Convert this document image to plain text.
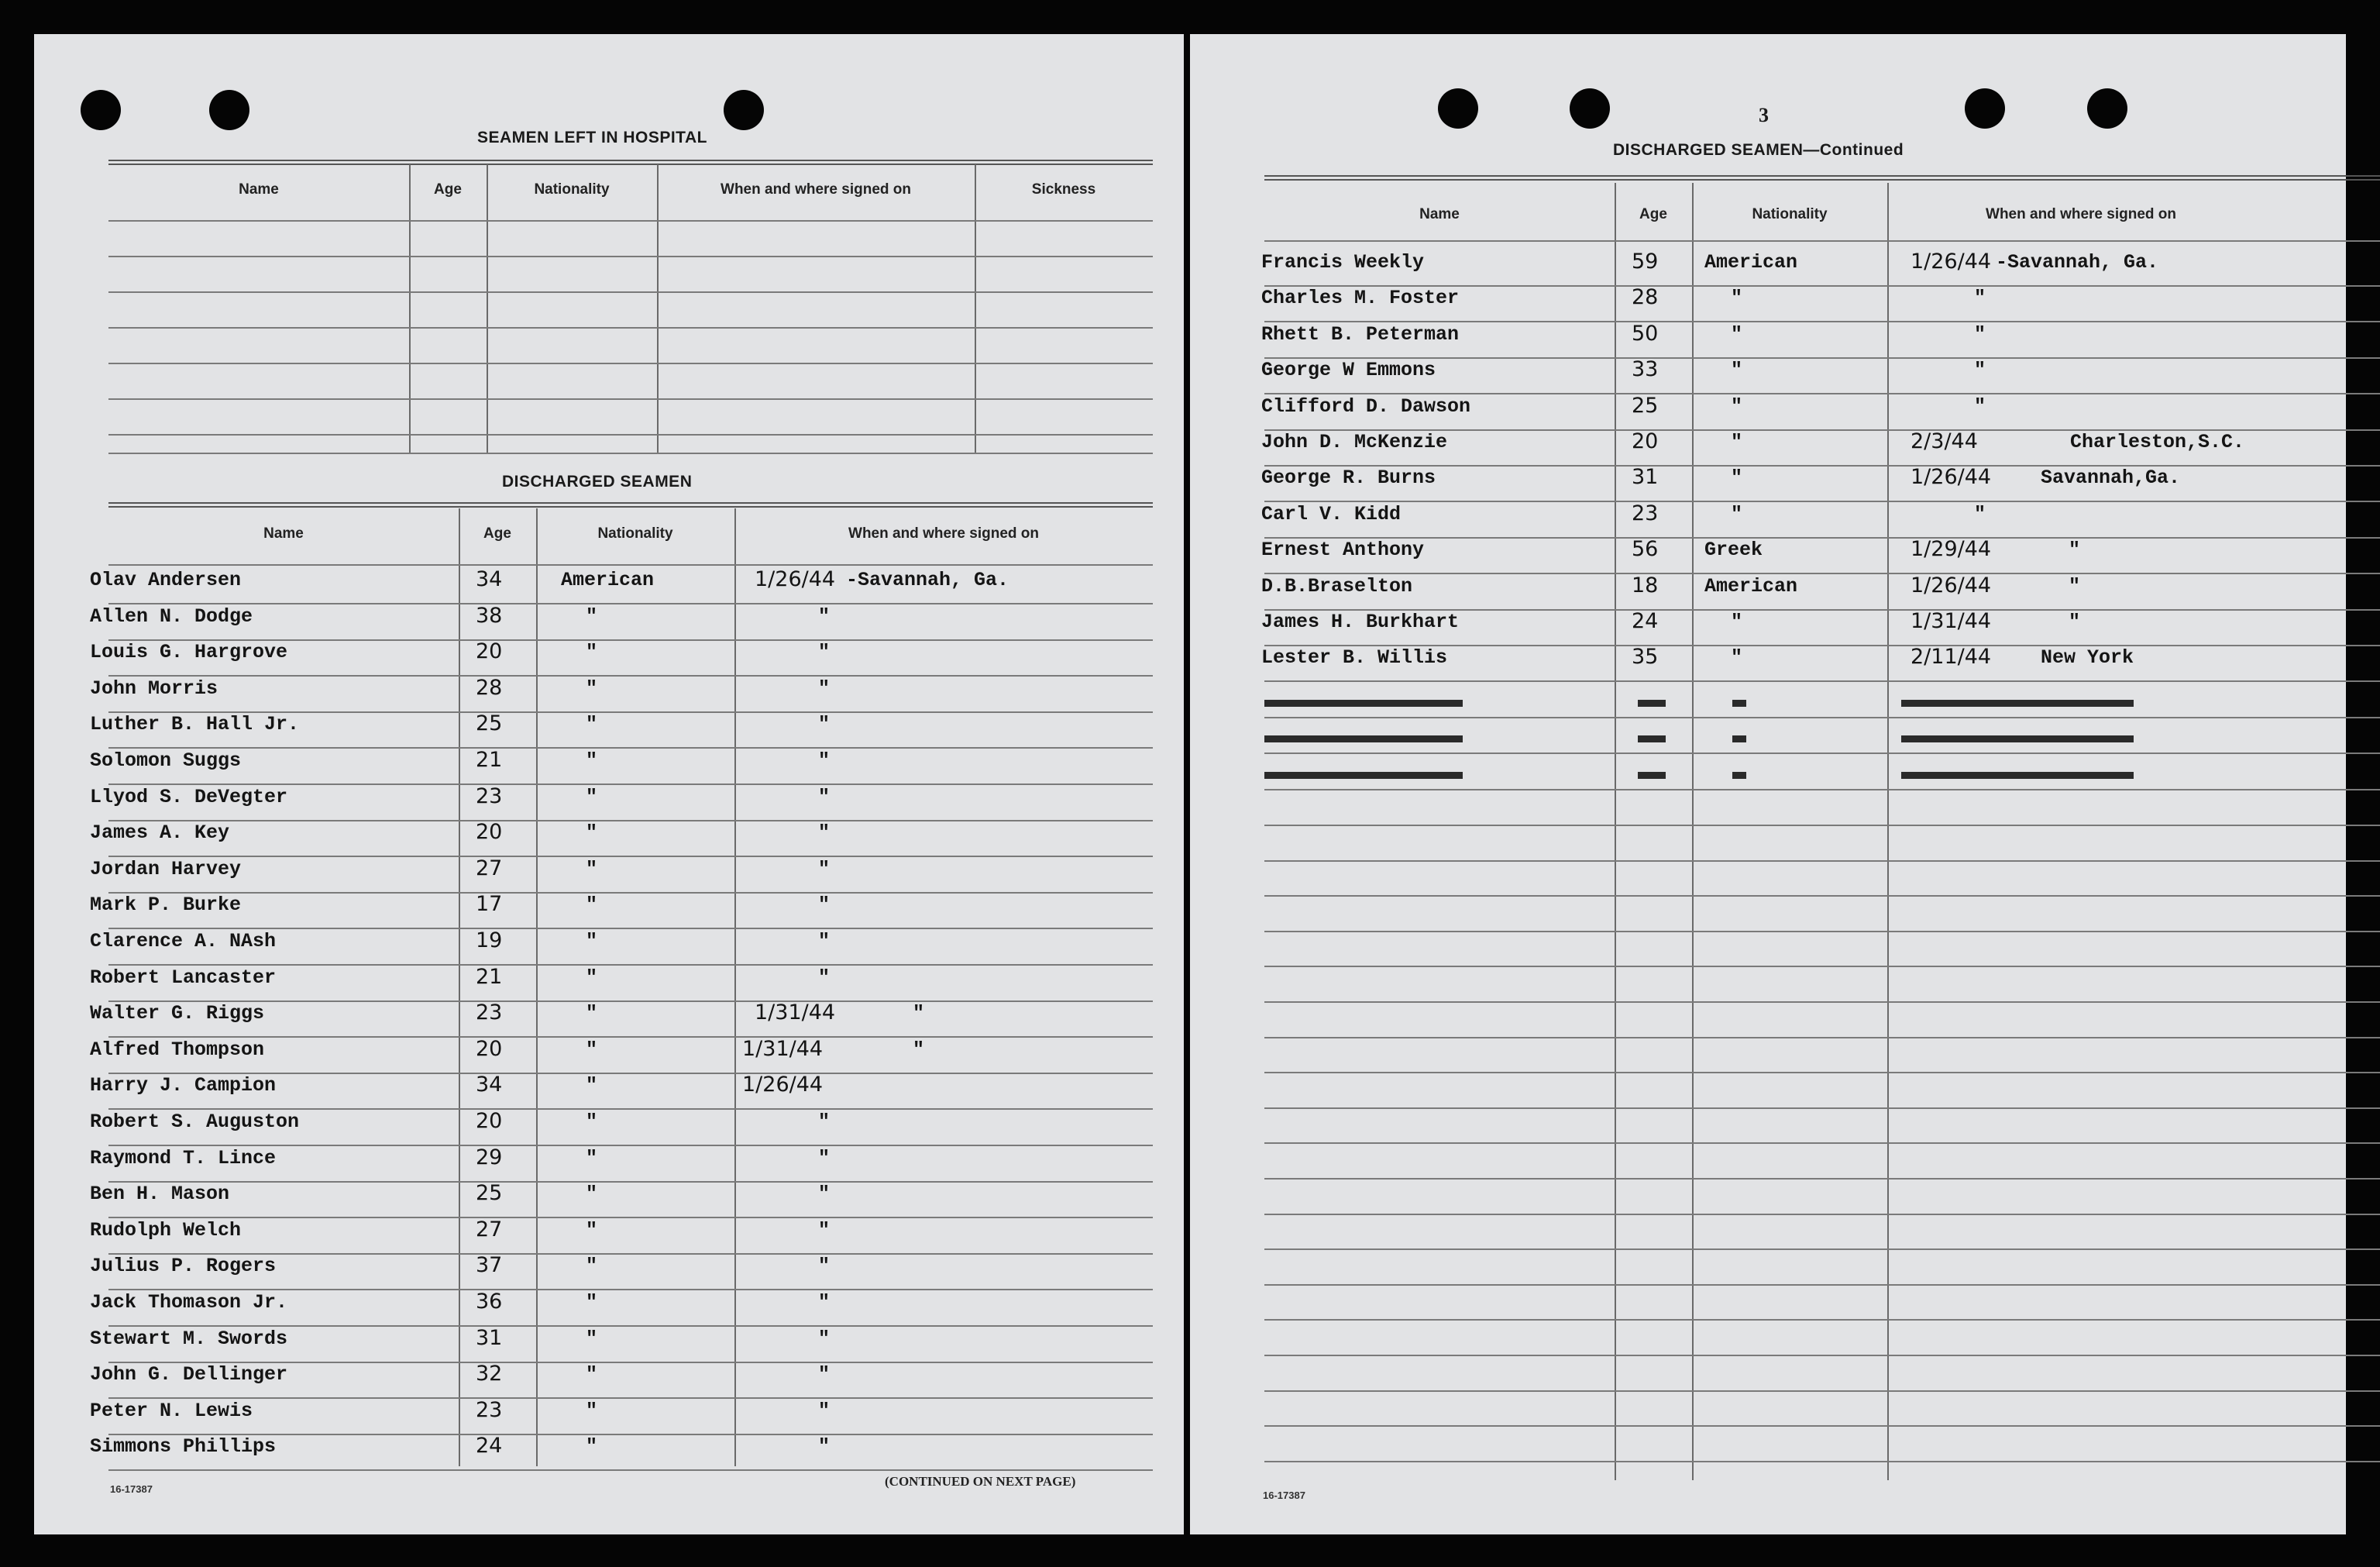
SEAMEN LEFT IN HOSPITAL
Name	Age	Nationality	When and where signed on	Sickness
DISCHARGED SEAMEN
Name	Age	Nationality	When and where signed on
Olav Andersen	34	American	1/26/44 -Savannah, Ga.
Allen N. Dodge	38	"	"
Louis G. Hargrove	20	"	"
John Morris	28	"	"
Luther B. Hall Jr.	25	"	"
Solomon Suggs	21	"	"
Llyod S. DeVegter	23	"	"
James A. Key	20	"	"
Jordan Harvey	27	"	"
Mark P. Burke	17	"	"
Clarence A. NAsh	19	"	"
Robert Lancaster	21	"	"
Walter G. Riggs	23	"	1/31/44	"
Alfred Thompson	20	"	1/31/44	"
Harry J. Campion	34	"	1/26/44
Robert S. Auguston	20	"	"
Raymond T. Lince	29	"	"
Ben H. Mason	25	"	"
Rudolph Welch	27	"	"
Julius P. Rogers	37	"	"
Jack Thomason Jr.	36	"	"
Stewart M. Swords	31	"	"
John G. Dellinger	32	"	"
Peter N. Lewis	23	"	"
Simmons Phillips	24	"	"
16-17387
(CONTINUED ON NEXT PAGE)
3
DISCHARGED SEAMEN—Continued
Name	Age	Nationality	When and where signed on
Francis Weekly	59 American	1/26/44 -Savannah, Ga.
Charles M. Foster	28	"	"
Rhett B. Peterman	50	"	"
George W Emmons	33	"	"
Clifford D. Dawson	25	"	"
John D. McKenzie	20	"	2/3/44	Charleston,S.C.
George R. Burns	31	"	1/26/44	Savannah,Ga.
Carl V. Kidd	23	"	"
Ernest Anthony	56 Greek	1/29/44	"
D.B.Braselton	18 American	1/26/44	"
James H. Burkhart	24	"	1/31/44	"
Lester B. Willis	35	"	2/11/44	New York
16-17387
